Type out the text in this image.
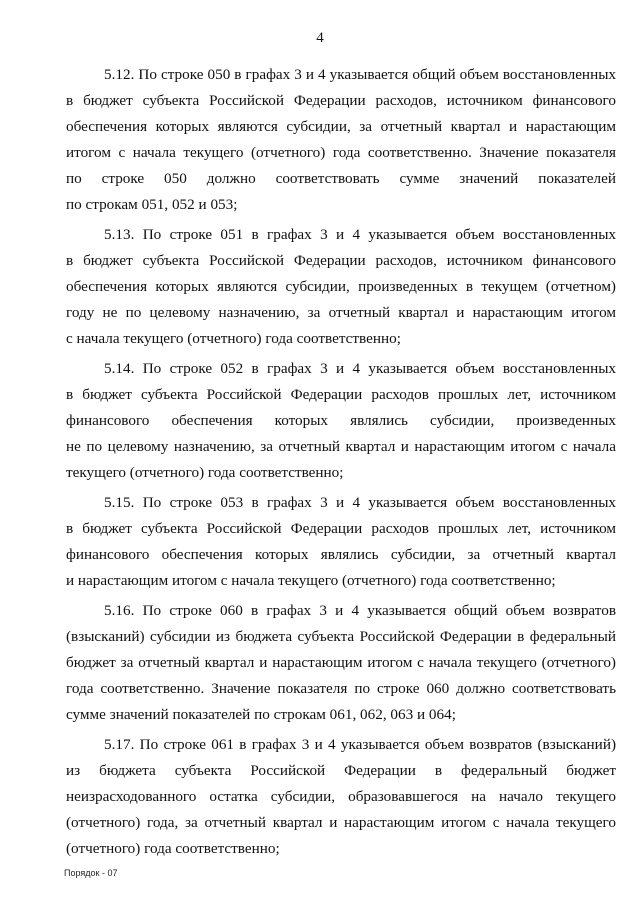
4
5.12. По строке 050 в графах 3 и 4 указывается общий объем восстановленных
в бюджет субъекта Российской Федерации расходов, источником финансового
обеспечения которых являются субсидии, за отчетный квартал и нарастающим
итогом с начала текущего (отчетного) года соответственно. Значение показателя
по строке 050 должно соответствовать сумме значений показателей
по строкам 051, 052 и 053;
5.13. По строке 051 в графах 3 и 4 указывается объем восстановленных
в бюджет субъекта Российской Федерации расходов, источником финансового
обеспечения которых являются субсидии, произведенных в текущем (отчетном)
году не по целевому назначению, за отчетный квартал и нарастающим итогом
с начала текущего (отчетного) года соответственно;
5.14. По строке 052 в графах 3 и 4 указывается объем восстановленных
в бюджет субъекта Российской Федерации расходов прошлых лет, источником
финансового обеспечения которых являлись субсидии, произведенных
не по целевому назначению, за отчетный квартал и нарастающим итогом с начала
текущего (отчетного) года соответственно;
5.15. По строке 053 в графах 3 и 4 указывается объем восстановленных
в бюджет субъекта Российской Федерации расходов прошлых лет, источником
финансового обеспечения которых являлись субсидии, за отчетный квартал
и нарастающим итогом с начала текущего (отчетного) года соответственно;
5.16. По строке 060 в графах 3 и 4 указывается общий объем возвратов
(взысканий) субсидии из бюджета субъекта Российской Федерации в федеральный
бюджет за отчетный квартал и нарастающим итогом с начала текущего (отчетного)
года соответственно. Значение показателя по строке 060 должно соответствовать
сумме значений показателей по строкам 061, 062, 063 и 064;
5.17. По строке 061 в графах 3 и 4 указывается объем возвратов (взысканий)
из бюджета субъекта Российской Федерации в федеральный бюджет
неизрасходованного остатка субсидии, образовавшегося на начало текущего
(отчетного) года, за отчетный квартал и нарастающим итогом с начала текущего
(отчетного) года соответственно;
Порядок - 07
